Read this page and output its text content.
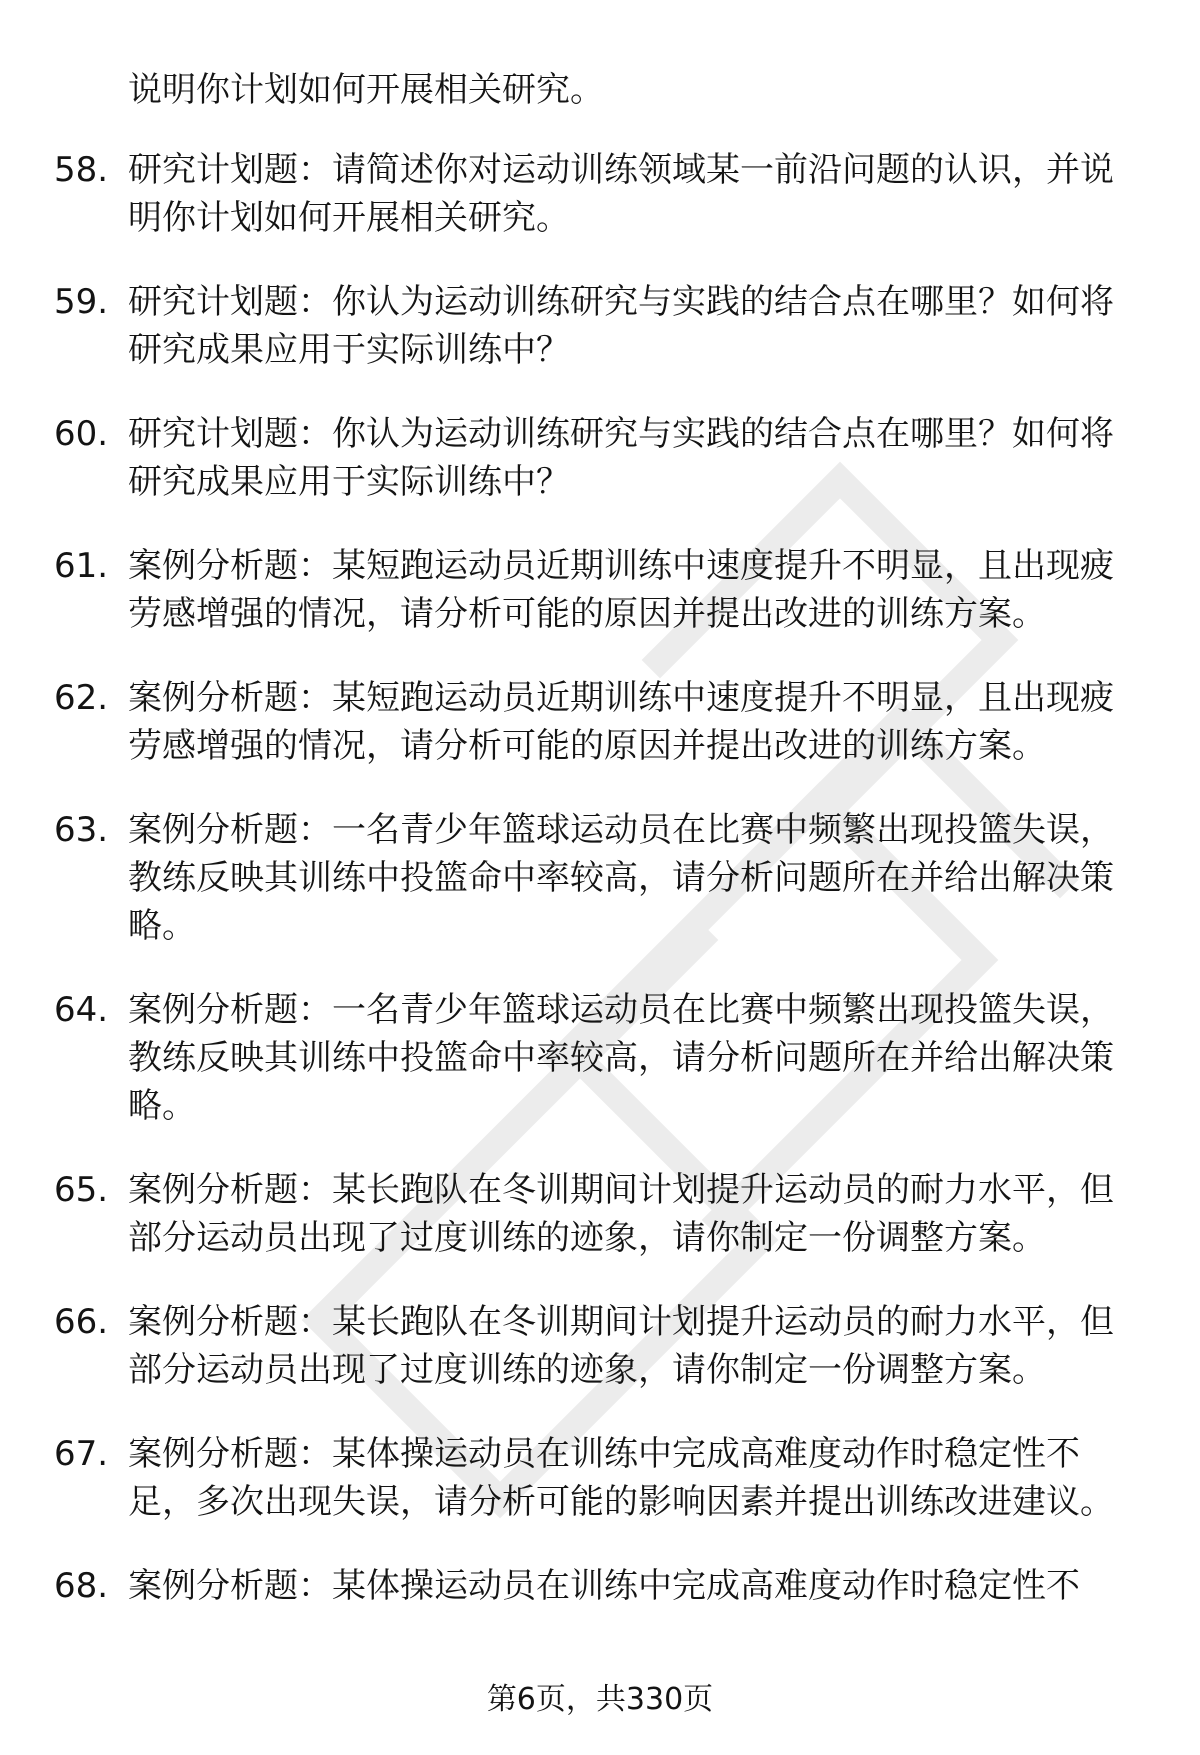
说明你计划如何开展相关研究。
58. 研究计划题：请简述你对运动训练领域某一前沿问题的认识，并说明你计划如何开展相关研究。
59. 研究计划题：你认为运动训练研究与实践的结合点在哪里？如何将研究成果应用于实际训练中？
60. 研究计划题：你认为运动训练研究与实践的结合点在哪里？如何将研究成果应用于实际训练中？
61. 案例分析题：某短跑运动员近期训练中速度提升不明显，且出现疲劳感增强的情况，请分析可能的原因并提出改进的训练方案。
62. 案例分析题：某短跑运动员近期训练中速度提升不明显，且出现疲劳感增强的情况，请分析可能的原因并提出改进的训练方案。
63. 案例分析题：一名青少年篮球运动员在比赛中频繁出现投篮失误，教练反映其训练中投篮命中率较高，请分析问题所在并给出解决策略。
64. 案例分析题：一名青少年篮球运动员在比赛中频繁出现投篮失误，教练反映其训练中投篮命中率较高，请分析问题所在并给出解决策略。
65. 案例分析题：某长跑队在冬训期间计划提升运动员的耐力水平，但部分运动员出现了过度训练的迹象，请你制定一份调整方案。
66. 案例分析题：某长跑队在冬训期间计划提升运动员的耐力水平，但部分运动员出现了过度训练的迹象，请你制定一份调整方案。
67. 案例分析题：某体操运动员在训练中完成高难度动作时稳定性不足，多次出现失误，请分析可能的影响因素并提出训练改进建议。
68. 案例分析题：某体操运动员在训练中完成高难度动作时稳定性不
第6页，共330页
